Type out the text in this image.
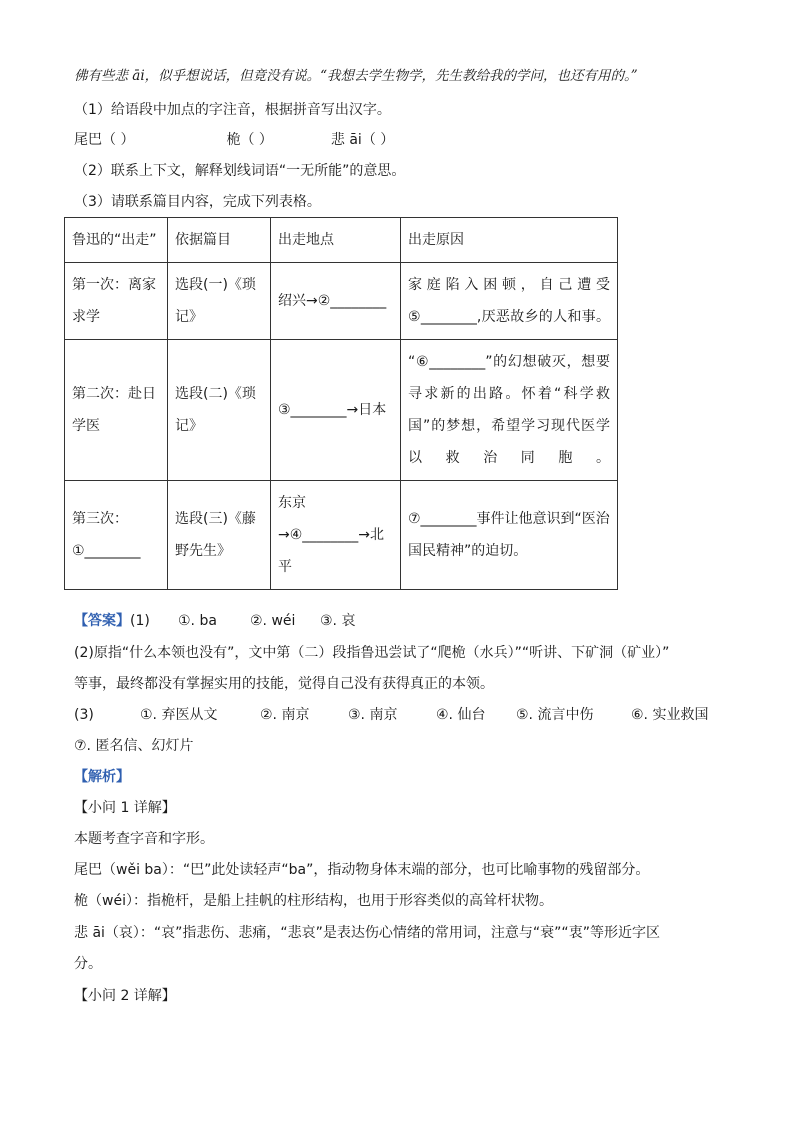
佛有些悲 āi，似乎想说话，但竟没有说。“我想去学生物学，先生教给我的学问，也还有用的。”
（1）给语段中加点的字注音，根据拼音写出汉字。
尾巴（ ）	桅（ ）	悲 āi（ ）
（2）联系上下文，解释划线词语“一无所能”的意思。
（3）请联系篇目内容，完成下列表格。
鲁迅的“出走”	依据篇目	出走地点	出走原因
第一次：离家求学	选段(一)《琐记》	绍兴→②________	家庭陷入困顿，自己遭受⑤________,厌恶故乡的人和事。
第二次：赴日学医	选段(二)《琐记》	③________→日本	“⑥________”的幻想破灭，想要寻求新的出路。怀着“科学救国”的梦想，希望学习现代医学以救治同胞。
第三次：①________	选段(三)《藤野先生》	东京→④________→北平	⑦________事件让他意识到“医治国民精神”的迫切。
【答案】(1) ①. ba ②. wéi ③. 哀
(2)原指“什么本领也没有”，文中第（二）段指鲁迅尝试了“爬桅（水兵）”“听讲、下矿洞（矿业）”
等事，最终都没有掌握实用的技能，觉得自己没有获得真正的本领。
(3)	①. 弃医从文	②. 南京	③. 南京	④. 仙台 ⑤. 流言中伤	⑥. 实业救国
⑦. 匿名信、幻灯片
【解析】
【小问 1 详解】
本题考查字音和字形。
尾巴（wěi ba）：“巴”此处读轻声“ba”，指动物身体末端的部分，也可比喻事物的残留部分。
桅（wéi）：指桅杆，是船上挂帆的柱形结构，也用于形容类似的高耸杆状物。
悲 āi（哀）：“哀”指悲伤、悲痛，“悲哀”是表达伤心情绪的常用词，注意与“衰”“衷”等形近字区
分。
【小问 2 详解】
